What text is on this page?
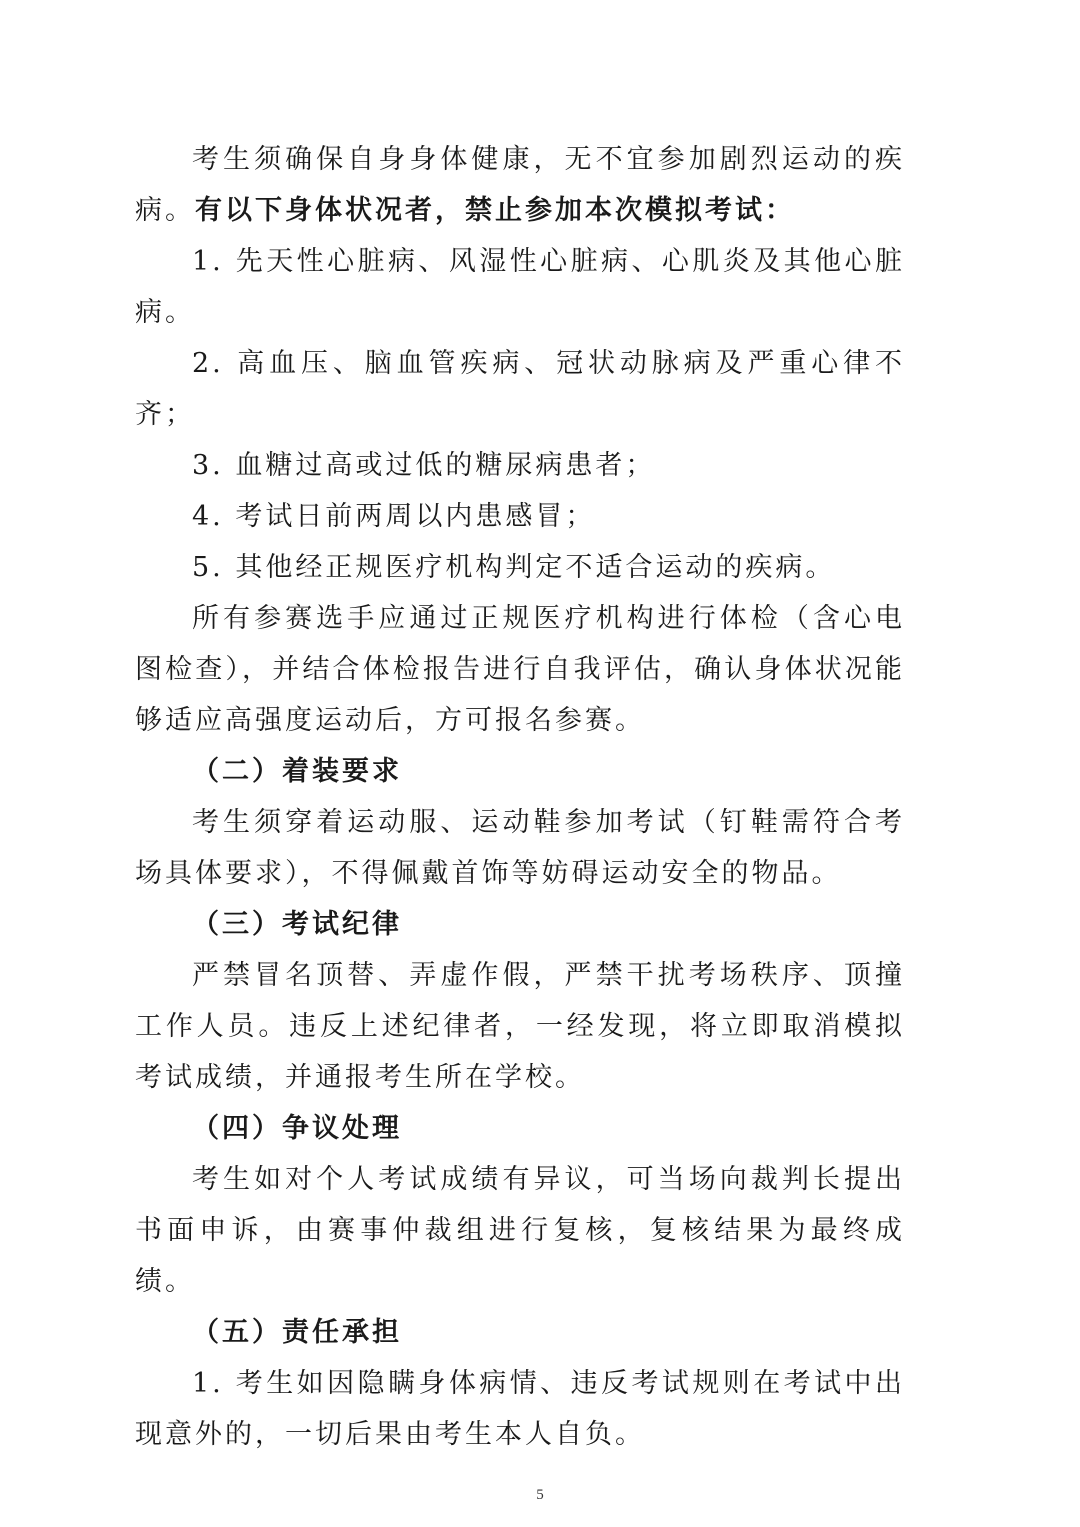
考生须确保自身身体健康，无不宜参加剧烈运动的疾病。有以下身体状况者，禁止参加本次模拟考试：

1. 先天性心脏病、风湿性心脏病、心肌炎及其他心脏病。

2. 高血压、脑血管疾病、冠状动脉病及严重心律不齐；

3. 血糖过高或过低的糖尿病患者；

4. 考试日前两周以内患感冒；

5. 其他经正规医疗机构判定不适合运动的疾病。

所有参赛选手应通过正规医疗机构进行体检（含心电图检查），并结合体检报告进行自我评估，确认身体状况能够适应高强度运动后，方可报名参赛。

（二）着装要求

考生须穿着运动服、运动鞋参加考试（钉鞋需符合考场具体要求），不得佩戴首饰等妨碍运动安全的物品。

（三）考试纪律

严禁冒名顶替、弄虚作假，严禁干扰考场秩序、顶撞工作人员。违反上述纪律者，一经发现，将立即取消模拟考试成绩，并通报考生所在学校。

（四）争议处理

考生如对个人考试成绩有异议，可当场向裁判长提出书面申诉，由赛事仲裁组进行复核，复核结果为最终成绩。

（五）责任承担

1. 考生如因隐瞒身体病情、违反考试规则在考试中出现意外的，一切后果由考生本人自负。

5
